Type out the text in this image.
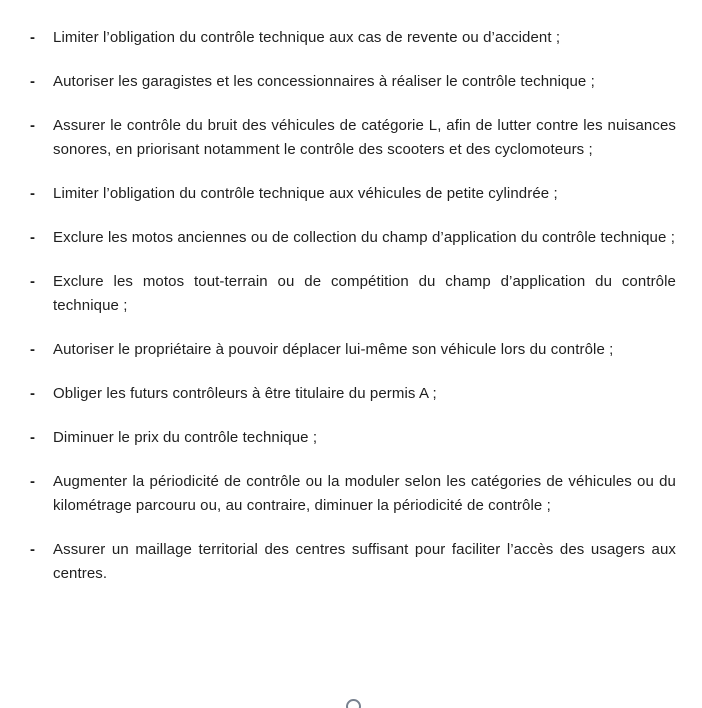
-	Limiter l’obligation du contrôle technique aux cas de revente ou d’accident ;
-	Autoriser les garagistes et les concessionnaires à réaliser le contrôle technique ;
-	Assurer le contrôle du bruit des véhicules de catégorie L, afin de lutter contre les nuisances sonores, en priorisant notamment le contrôle des scooters et des cyclomoteurs ;
-	Limiter l’obligation du contrôle technique aux véhicules de petite cylindrée ;
-	Exclure les motos anciennes ou de collection du champ d’application du contrôle technique ;
-	Exclure les motos tout-terrain ou de compétition du champ d’application du contrôle technique ;
-	Autoriser le propriétaire à pouvoir déplacer lui-même son véhicule lors du contrôle ;
-	Obliger les futurs contrôleurs à être titulaire du permis A ;
-	Diminuer le prix du contrôle technique ;
-	Augmenter la périodicité de contrôle ou la moduler selon les catégories de véhicules ou du kilométrage parcouru ou, au contraire, diminuer la périodicité de contrôle ;
-	Assurer un maillage territorial des centres suffisant pour faciliter l’accès des usagers aux centres.
